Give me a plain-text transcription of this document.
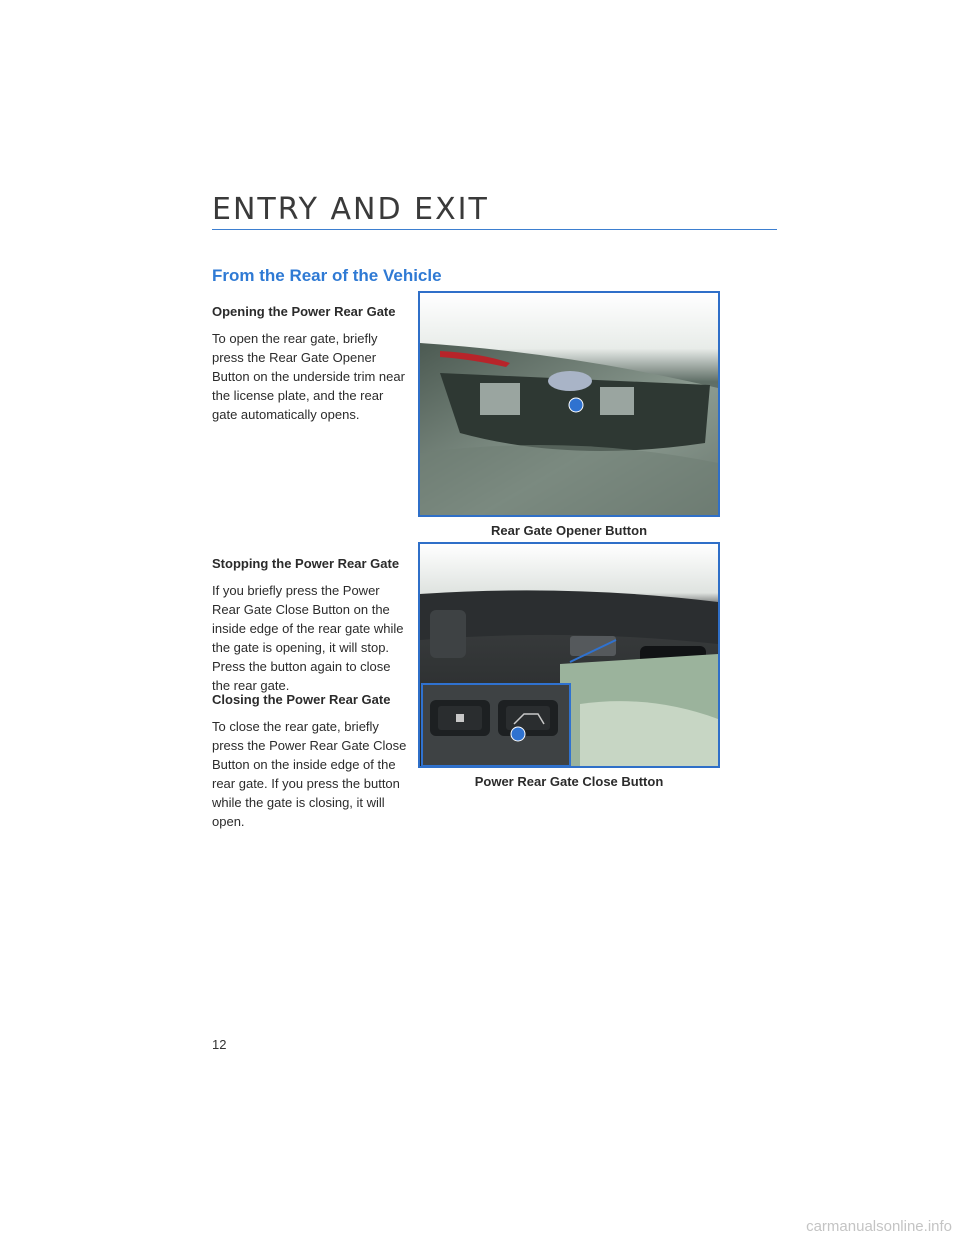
ENTRY AND EXIT
From the Rear of the Vehicle
Opening the Power Rear Gate

To open the rear gate, briefly press the Rear Gate Opener Button on the underside trim near the license plate, and the rear gate automatically opens.

Stopping the Power Rear Gate

If you briefly press the Power Rear Gate Close Button on the inside edge of the rear gate while the gate is opening, it will stop. Press the button again to close the rear gate.

Closing the Power Rear Gate

To close the rear gate, briefly press the Power Rear Gate Close Button on the inside edge of the rear gate. If you press the button while the gate is closing, it will open.

Rear Gate Opener Button
Power Rear Gate Close Button
12
carmanualsonline.info
